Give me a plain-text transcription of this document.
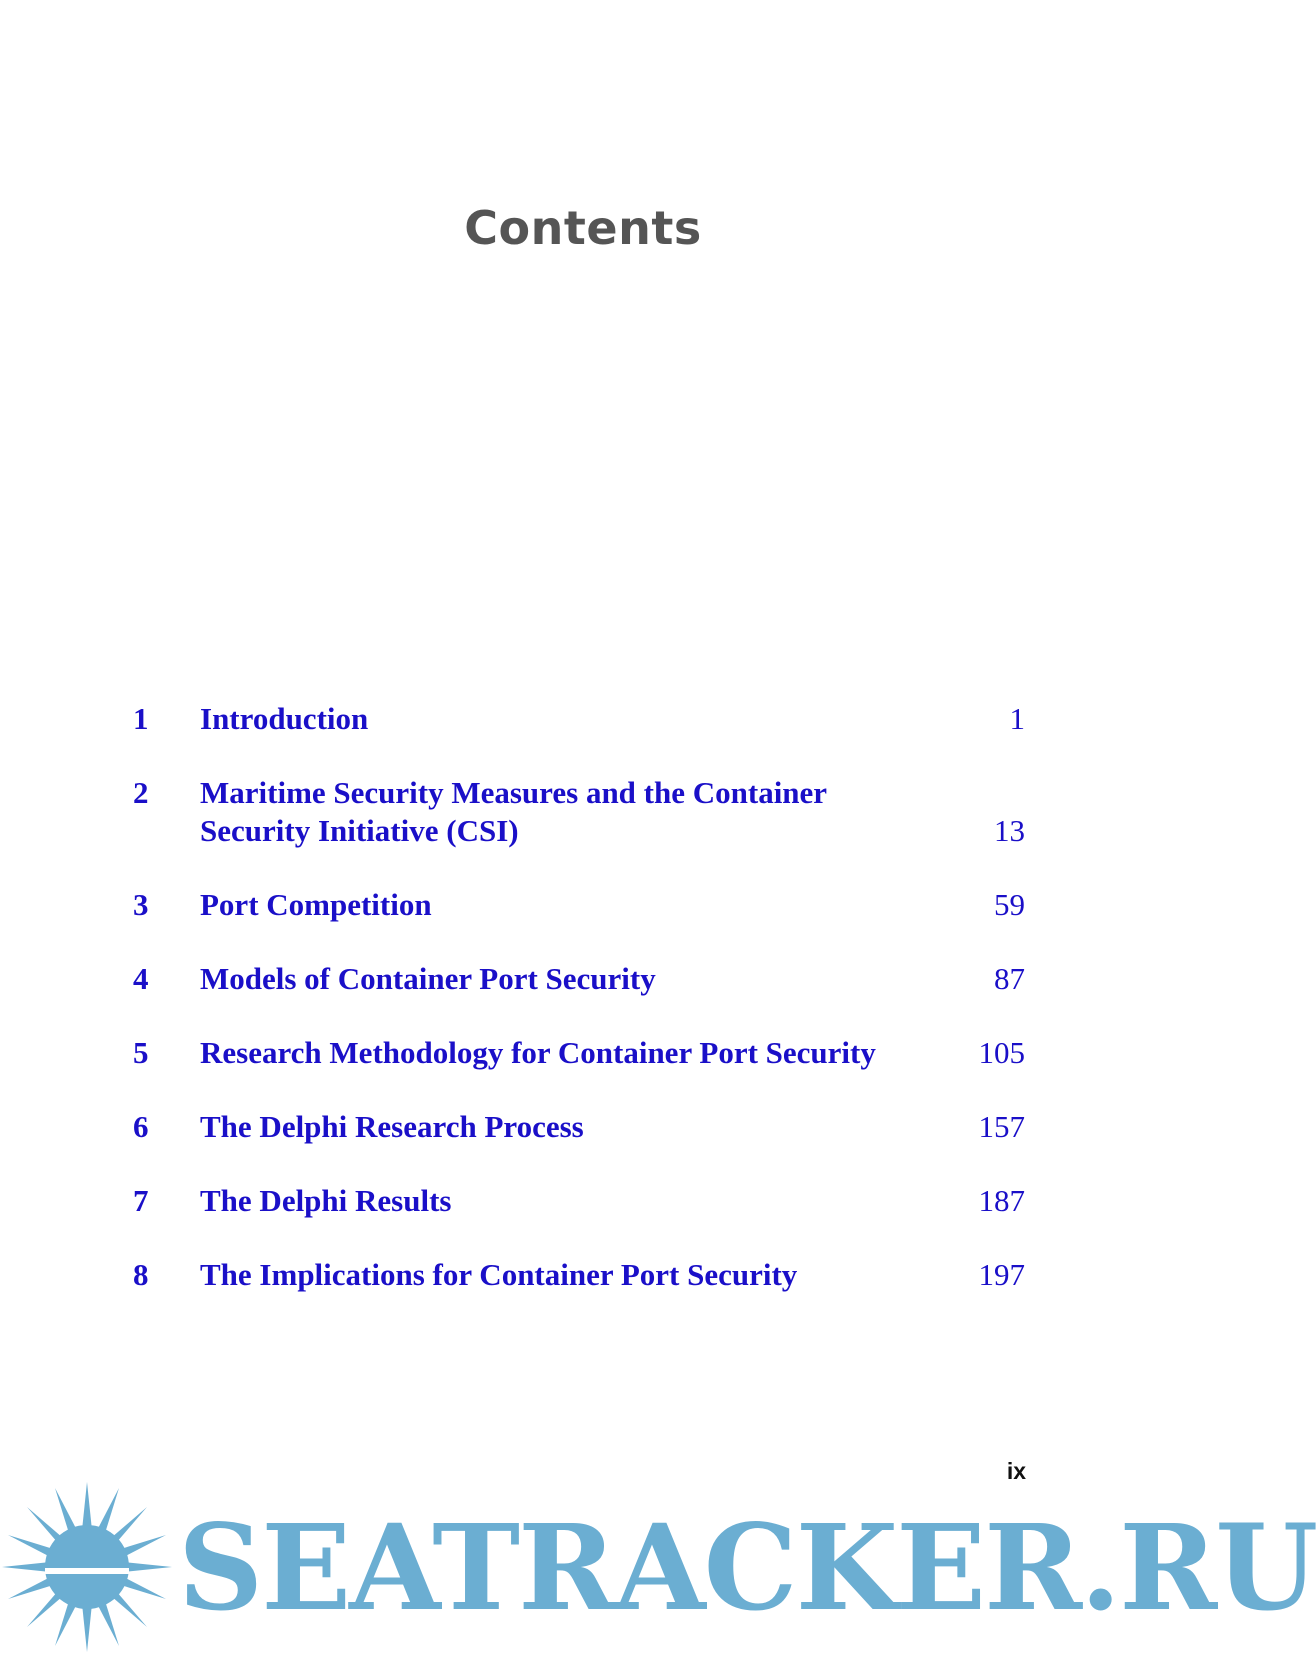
Contents
1	Introduction	1
2	Maritime Security Measures and the Container Security Initiative (CSI)	13
3	Port Competition	59
4	Models of Container Port Security	87
5	Research Methodology for Container Port Security	105
6	The Delphi Research Process	157
7	The Delphi Results	187
8	The Implications for Container Port Security	197
ix
SEATRACKER.RU
